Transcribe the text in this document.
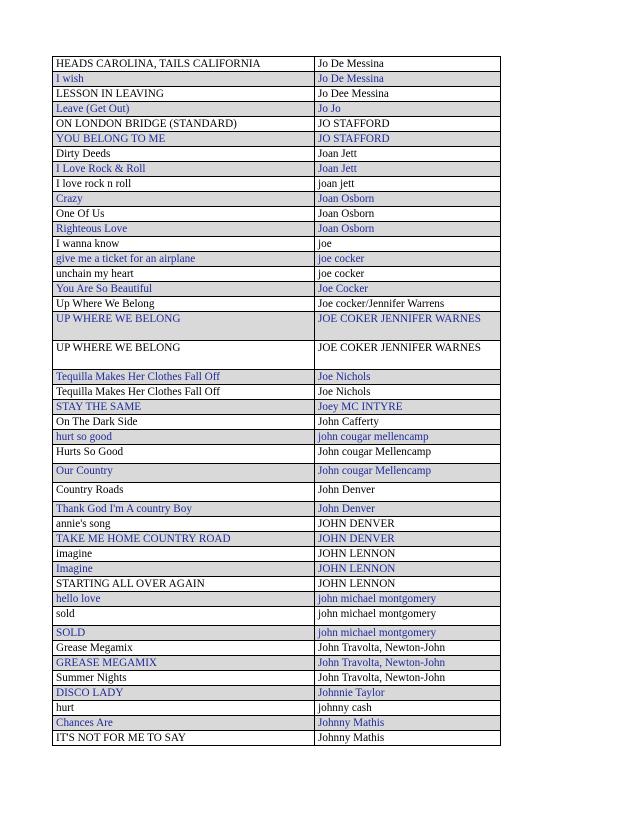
HEADS CAROLINA, TAILS CALIFORNIA	Jo De Messina
I wish	Jo De Messina
LESSON IN LEAVING	Jo Dee Messina
Leave (Get Out)	Jo Jo
ON LONDON BRIDGE (STANDARD)	JO STAFFORD
YOU BELONG TO ME	JO STAFFORD
Dirty Deeds	Joan Jett
I Love Rock & Roll	Joan Jett
I love rock n roll	joan jett
Crazy	Joan Osborn
One Of Us	Joan Osborn
Righteous Love	Joan Osborn
I wanna know	joe
give me a ticket for an airplane	joe cocker
unchain my heart	joe cocker
You Are So Beautiful	Joe Cocker
Up Where We Belong	Joe cocker/Jennifer Warrens
UP WHERE WE BELONG	JOE COKER JENNIFER WARNES
UP WHERE WE BELONG	JOE COKER JENNIFER WARNES
Tequilla Makes Her Clothes Fall Off	Joe Nichols
Tequilla Makes Her Clothes Fall Off	Joe Nichols
STAY THE SAME	Joey MC INTYRE
On The Dark Side	John Cafferty
hurt so good	john cougar mellencamp
Hurts So Good	John cougar Mellencamp
Our Country	John cougar Mellencamp
Country Roads	John Denver
Thank God I'm A country Boy	John Denver
annie's song	JOHN DENVER
TAKE ME HOME COUNTRY ROAD	JOHN DENVER
imagine	JOHN LENNON
Imagine	JOHN LENNON
STARTING ALL OVER AGAIN	JOHN LENNON
hello love	john michael montgomery
sold	john michael montgomery
SOLD	john michael montgomery
Grease Megamix	John Travolta, Newton-John
GREASE MEGAMIX	John Travolta, Newton-John
Summer Nights	John Travolta, Newton-John
DISCO LADY	Johnnie Taylor
hurt	johnny cash
Chances Are	Johnny Mathis
IT'S NOT FOR ME TO SAY	Johnny Mathis
